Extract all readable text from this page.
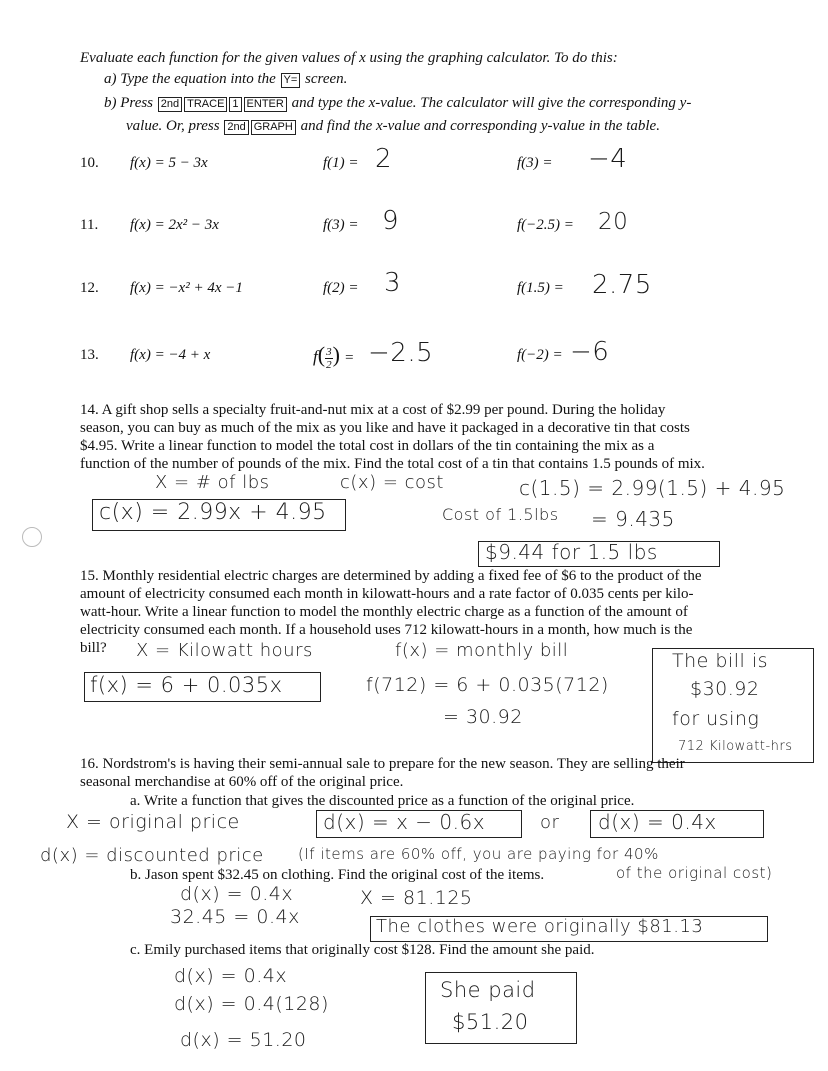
Evaluate each function for the given values of x using the graphing calculator. To do this:
a) Type the equation into the Y= screen.
b) Press 2nd TRACE 1 ENTER and type the x-value. The calculator will give the corresponding y-
value. Or, press 2nd GRAPH and find the x-value and corresponding y-value in the table.
10. f(x) = 5 − 3x	f(1) = 2	f(3) = −4
11. f(x) = 2x² − 3x	f(3) = 9	f(−2.5) = 20
12. f(x) = −x² + 4x −1	f(2) = 3	f(1.5) = 2.75
13. f(x) = −4 + x	$f( \frac{3}{2}$ ) = −2.5	f(−2) = −6
14. A gift shop sells a specialty fruit-and-nut mix at a cost of $2.99 per pound. During the holiday
season, you can buy as much of the mix as you like and have it packaged in a decorative tin that costs
$4.95. Write a linear function to model the total cost in dollars of the tin containing the mix as a
function of the number of pounds of the mix. Find the total cost of a tin that contains 1.5 pounds of mix.
X = # of lbs	c(x) = cost
c(x) = 2.99x + 4.95
c(1.5) = 2.99(1.5) + 4.95
Cost of 1.5lbs = 9.435
$9.44 for 1.5 lbs
15. Monthly residential electric charges are determined by adding a fixed fee of $6 to the product of the
amount of electricity consumed each month in kilowatt-hours and a rate factor of 0.035 cents per kilo-
watt-hour. Write a linear function to model the monthly electric charge as a function of the amount of
electricity consumed each month. If a household uses 712 kilowatt-hours in a month, how much is the
bill? X = Kilowatt hours	f(x) = monthly bill
f(x) = 6 + 0.035x	f(712) = 6 + 0.035(712)
= 30.92
The bill is
$30.92
for using
712 Kilowatt-hrs
16. Nordstrom's is having their semi-annual sale to prepare for the new season. They are selling their
seasonal merchandise at 60% off of the original price.
a. Write a function that gives the discounted price as a function of the original price.
X = original price	d(x) = x − 0.6x	or d(x) = 0.4x
d(x) = discounted price (If items are 60% off, you are paying for 40%
of the original cost)
b. Jason spent $32.45 on clothing. Find the original cost of the items.
d(x) = 0.4x
32.45 = 0.4x
X = 81.125
The clothes were originally $81.13
c. Emily purchased items that originally cost $128. Find the amount she paid.
d(x) = 0.4x
d(x) = 0.4(128)
d(x) = 51.20
She paid
$51.20
